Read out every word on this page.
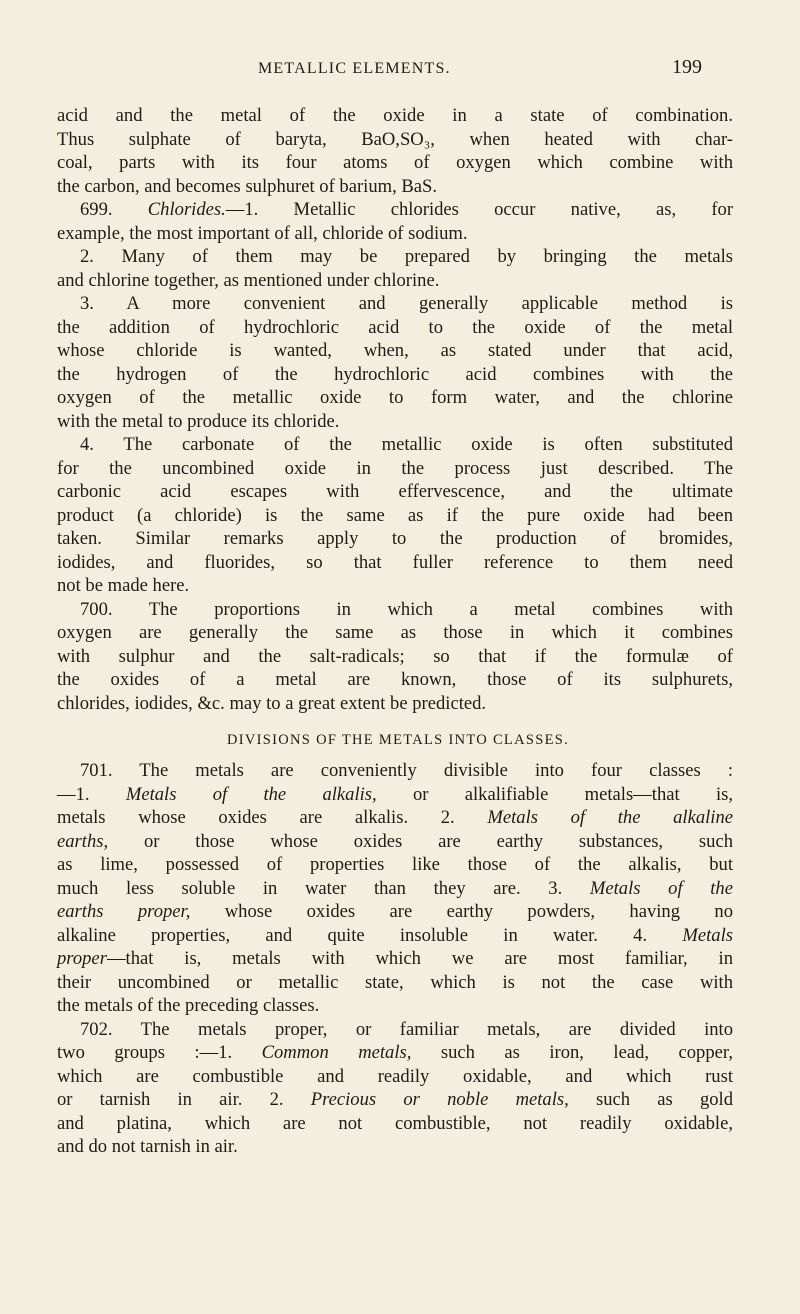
METALLIC ELEMENTS.	199
acid and the metal of the oxide in a state of combination.
Thus sulphate of baryta, BaO,SO₃, when heated with char-
coal, parts with its four atoms of oxygen which combine with
the carbon, and becomes sulphuret of barium, BaS.
699. Chlorides.—1. Metallic chlorides occur native, as, for
example, the most important of all, chloride of sodium.
2. Many of them may be prepared by bringing the metals
and chlorine together, as mentioned under chlorine.
3. A more convenient and generally applicable method is
the addition of hydrochloric acid to the oxide of the metal
whose chloride is wanted, when, as stated under that acid,
the hydrogen of the hydrochloric acid combines with the
oxygen of the metallic oxide to form water, and the chlorine
with the metal to produce its chloride.
4. The carbonate of the metallic oxide is often substituted
for the uncombined oxide in the process just described. The
carbonic acid escapes with effervescence, and the ultimate
product (a chloride) is the same as if the pure oxide had been
taken. Similar remarks apply to the production of bromides,
iodides, and fluorides, so that fuller reference to them need
not be made here.
700. The proportions in which a metal combines with
oxygen are generally the same as those in which it combines
with sulphur and the salt-radicals; so that if the formulæ of
the oxides of a metal are known, those of its sulphurets,
chlorides, iodides, &c. may to a great extent be predicted.
DIVISIONS OF THE METALS INTO CLASSES.
701. The metals are conveniently divisible into four classes :
—1. Metals of the alkalis, or alkalifiable metals—that is,
metals whose oxides are alkalis. 2. Metals of the alkaline
earths, or those whose oxides are earthy substances, such
as lime, possessed of properties like those of the alkalis, but
much less soluble in water than they are. 3. Metals of the
earths proper, whose oxides are earthy powders, having no
alkaline properties, and quite insoluble in water. 4. Metals
proper—that is, metals with which we are most familiar, in
their uncombined or metallic state, which is not the case with
the metals of the preceding classes.
702. The metals proper, or familiar metals, are divided into
two groups :—1. Common metals, such as iron, lead, copper,
which are combustible and readily oxidable, and which rust
or tarnish in air. 2. Precious or noble metals, such as gold
and platina, which are not combustible, not readily oxidable,
and do not tarnish in air.
